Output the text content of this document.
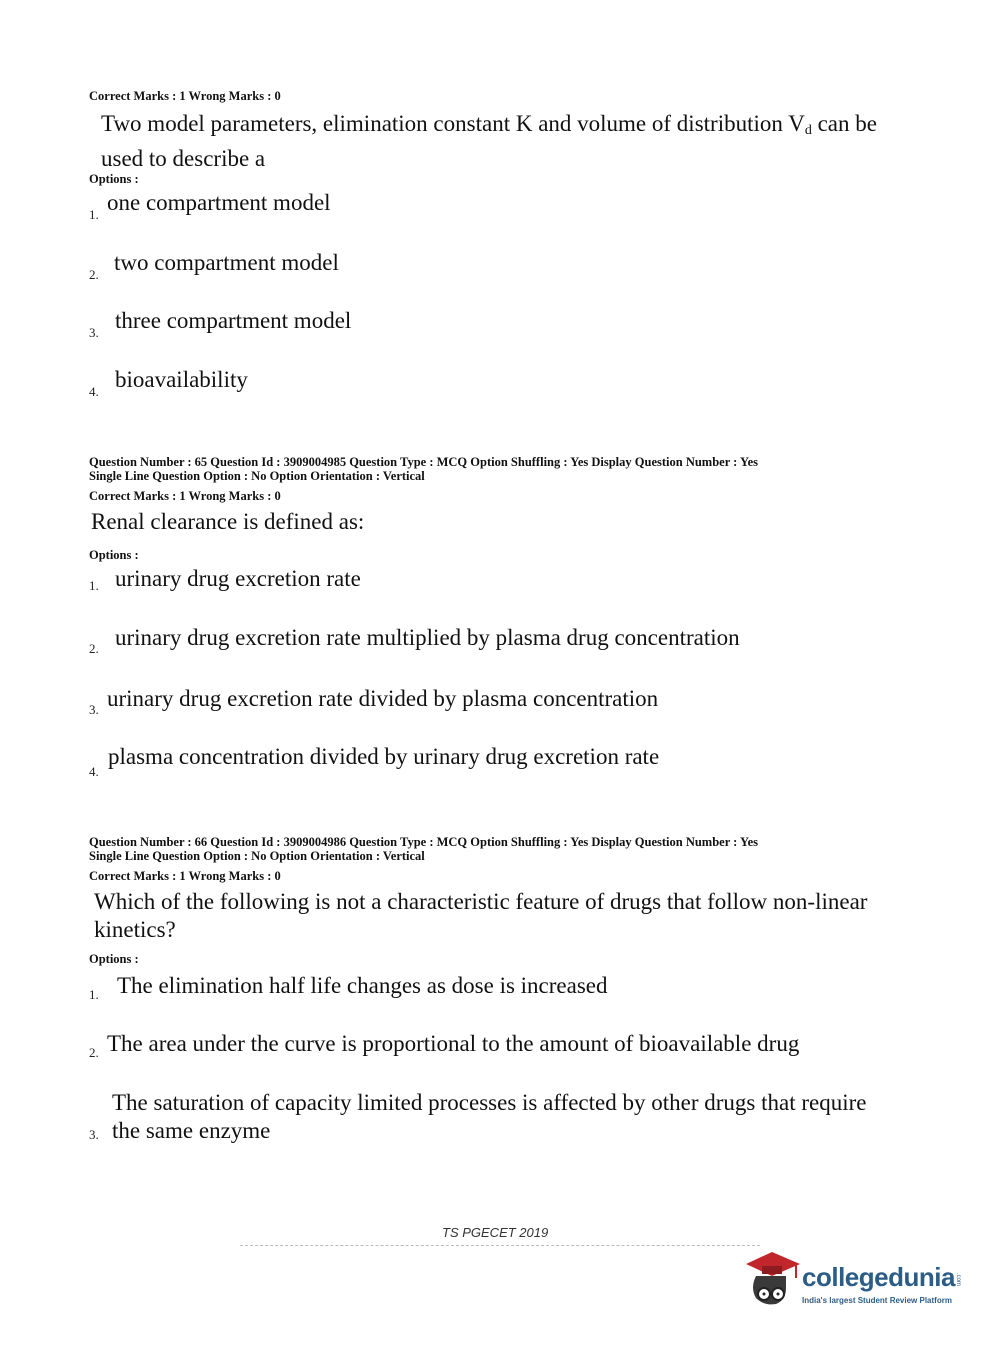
Correct Marks : 1 Wrong Marks : 0
Two model parameters, elimination constant K and volume of distribution Vd can be
used to describe a
Options :
1. one compartment model
2. two compartment model
3. three compartment model
4. bioavailability
Question Number : 65 Question Id : 3909004985 Question Type : MCQ Option Shuffling : Yes Display Question Number : Yes
Single Line Question Option : No Option Orientation : Vertical
Correct Marks : 1 Wrong Marks : 0
Renal clearance is defined as:
Options :
1. urinary drug excretion rate
2. urinary drug excretion rate multiplied by plasma drug concentration
3. urinary drug excretion rate divided by plasma concentration
4.
plasma concentration divided by urinary drug excretion rate
Question Number : 66 Question Id : 3909004986 Question Type : MCQ Option Shuffling : Yes Display Question Number : Yes
Single Line Question Option : No Option Orientation : Vertical
Correct Marks : 1 Wrong Marks : 0
Which of the following is not a characteristic feature of drugs that follow non-linear
kinetics?
Options :
1. The elimination half life changes as dose is increased
2. The area under the curve is proportional to the amount of bioavailable drug
3.
The saturation of capacity limited processes is affected by other drugs that require
the same enzyme
TS PGECET 2019
collegedunia.com
India's largest Student Review Platform
